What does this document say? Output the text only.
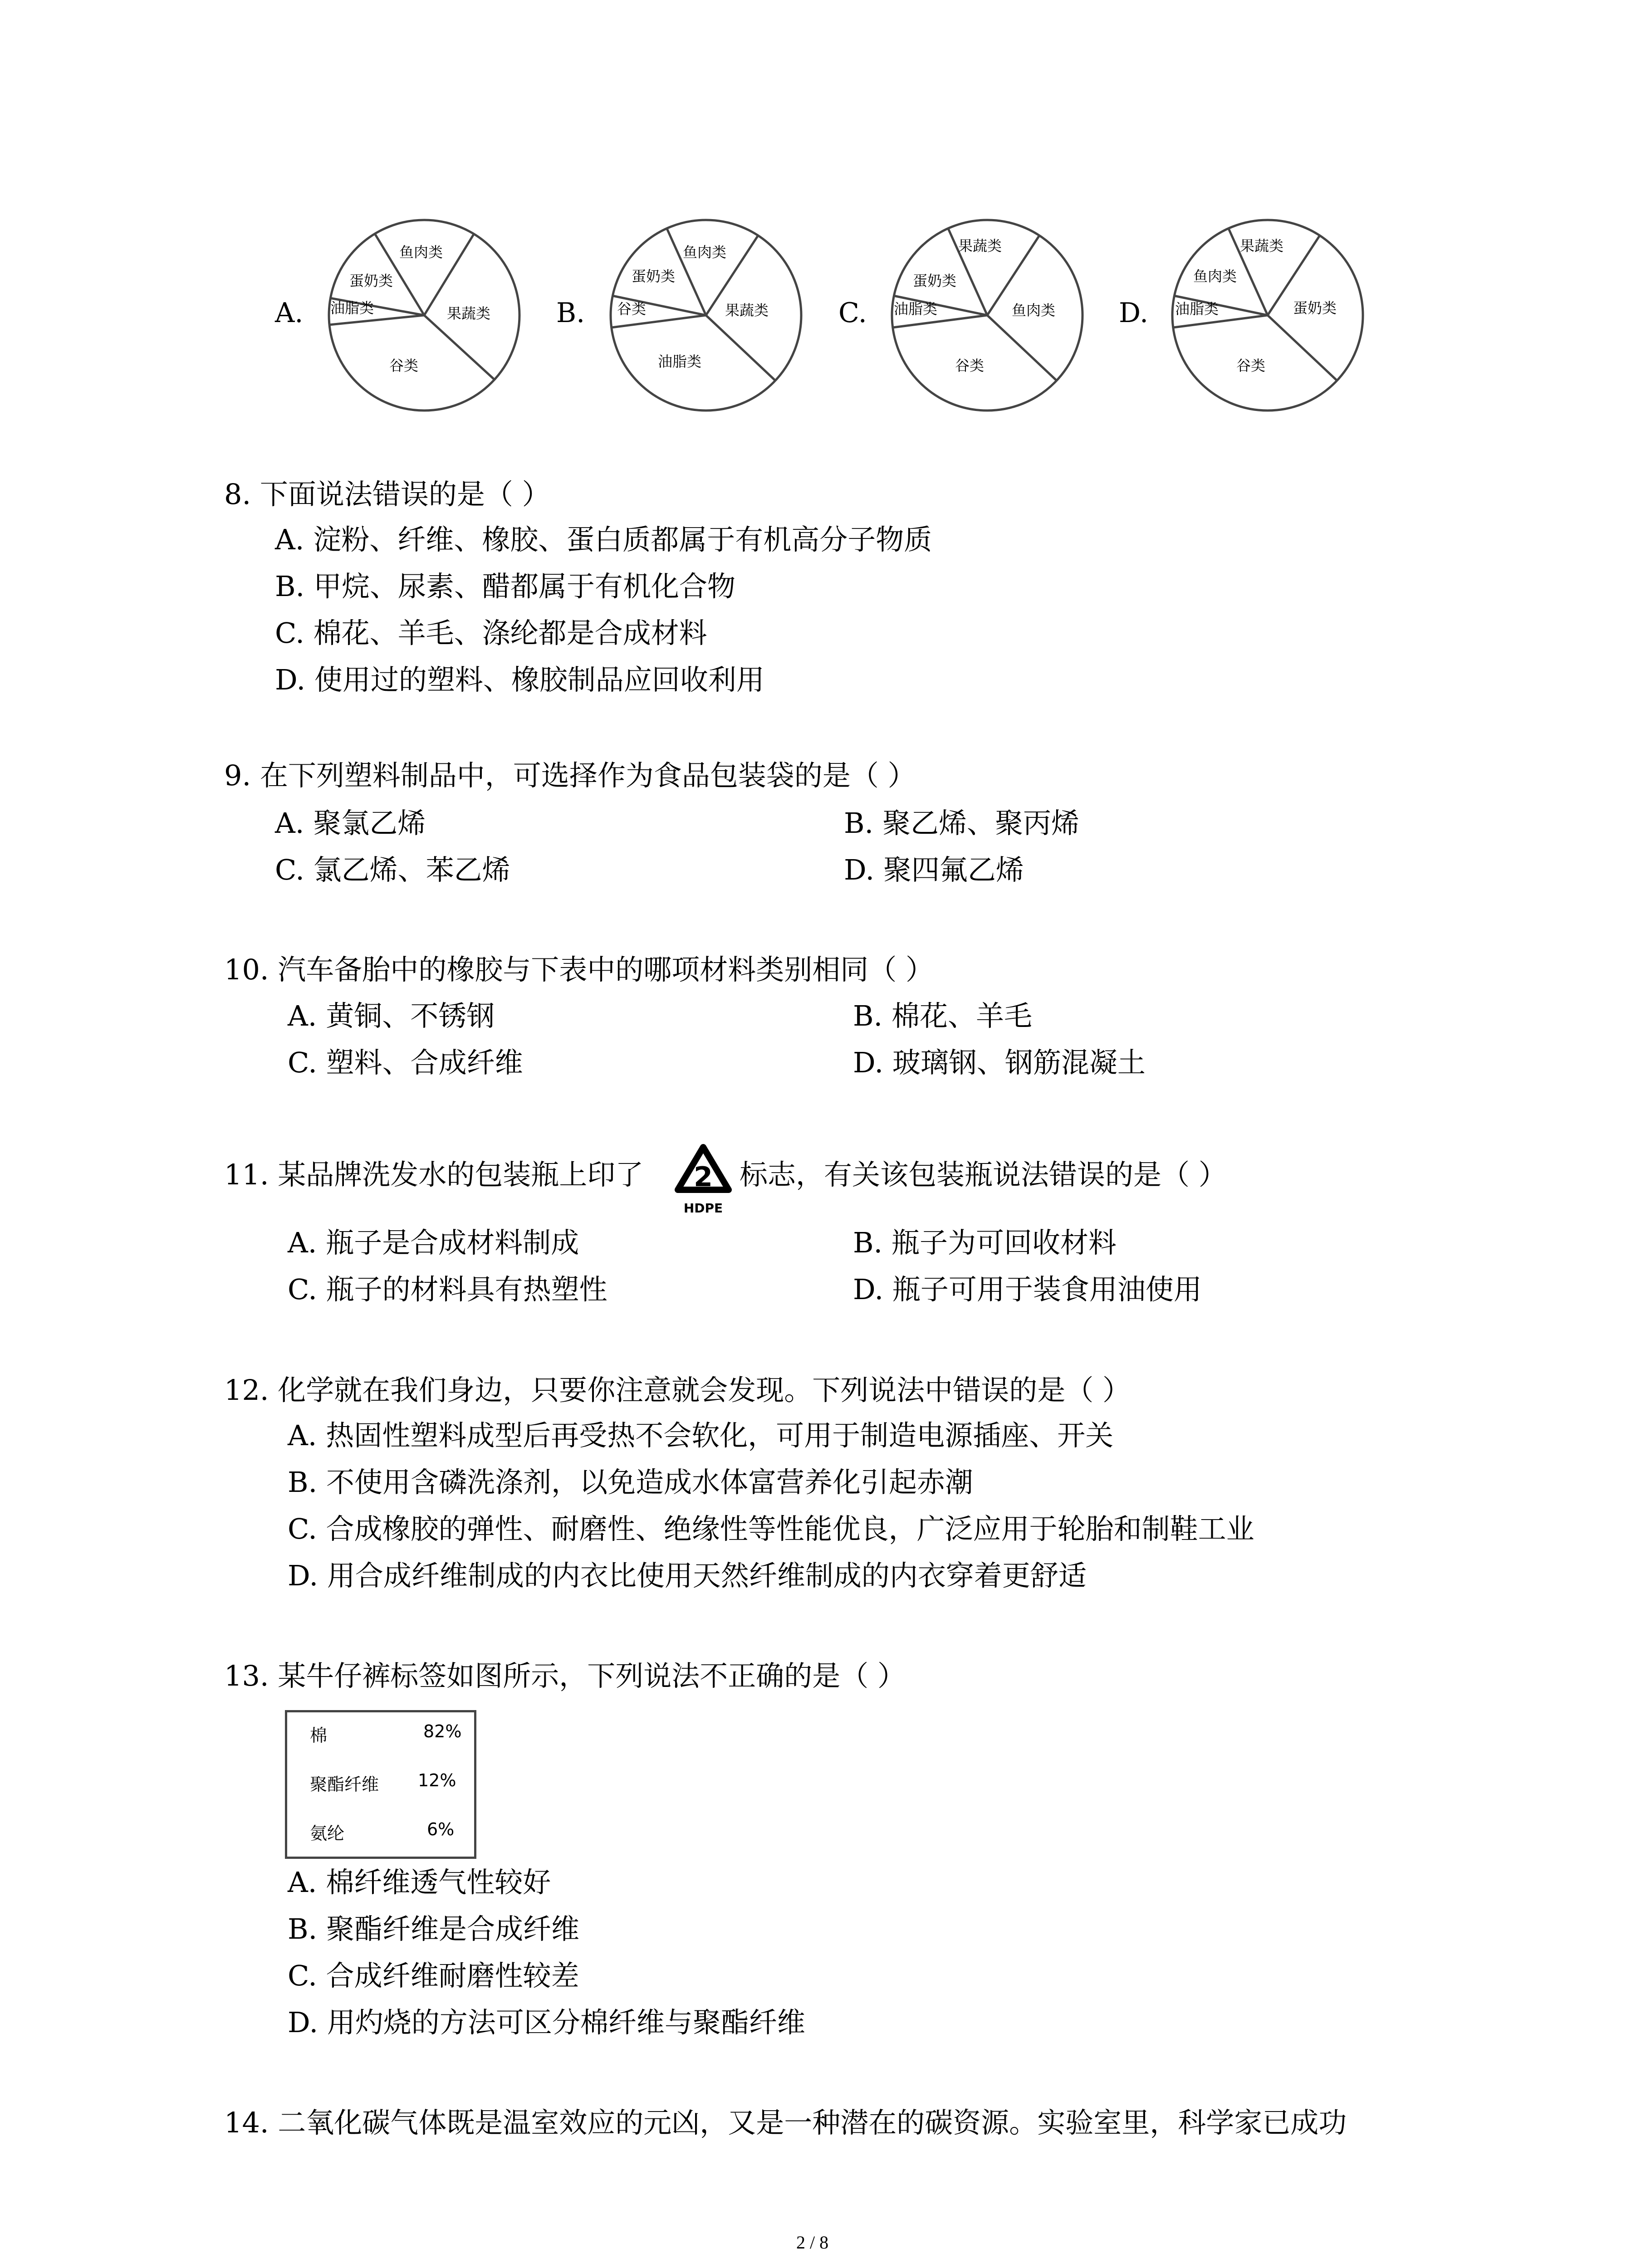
A.	B.	C.	D.
鱼肉类
蛋奶类
油脂类	果蔬类
谷类
鱼肉类
蛋奶类
谷类	果蔬类
油脂类
果蔬类
蛋奶类
油脂类	鱼肉类
谷类
果蔬类
鱼肉类
油脂类	蛋奶类
谷类
8. 下面说法错误的是（ ）
A. 淀粉、纤维、橡胶、蛋白质都属于有机高分子物质
B. 甲烷、尿素、醋都属于有机化合物
C. 棉花、羊毛、涤纶都是合成材料
D. 使用过的塑料、橡胶制品应回收利用
9. 在下列塑料制品中，可选择作为食品包装袋的是（ ）
A. 聚氯乙烯	B. 聚乙烯、聚丙烯
C. 氯乙烯、苯乙烯	D. 聚四氟乙烯
10. 汽车备胎中的橡胶与下表中的哪项材料类别相同（ ）
A. 黄铜、不锈钢	B. 棉花、羊毛
C. 塑料、合成纤维	D. 玻璃钢、钢筋混凝土
11. 某品牌洗发水的包装瓶上印了 2
HDPE
标志，有关该包装瓶说法错误的是（ ）
A. 瓶子是合成材料制成	B. 瓶子为可回收材料
C. 瓶子的材料具有热塑性	D. 瓶子可用于装食用油使用
12. 化学就在我们身边，只要你注意就会发现。下列说法中错误的是（ ）
A. 热固性塑料成型后再受热不会软化，可用于制造电源插座、开关
B. 不使用含磷洗涤剂，以免造成水体富营养化引起赤潮
C. 合成橡胶的弹性、耐磨性、绝缘性等性能优良，广泛应用于轮胎和制鞋工业
D. 用合成纤维制成的内衣比使用天然纤维制成的内衣穿着更舒适
13. 某牛仔裤标签如图所示，下列说法不正确的是（ ）
棉	82%
聚酯纤维 12%
氨纶	6%
A. 棉纤维透气性较好
B. 聚酯纤维是合成纤维
C. 合成纤维耐磨性较差
D. 用灼烧的方法可区分棉纤维与聚酯纤维
14. 二氧化碳气体既是温室效应的元凶，又是一种潜在的碳资源。实验室里，科学家已成功
2 / 8
